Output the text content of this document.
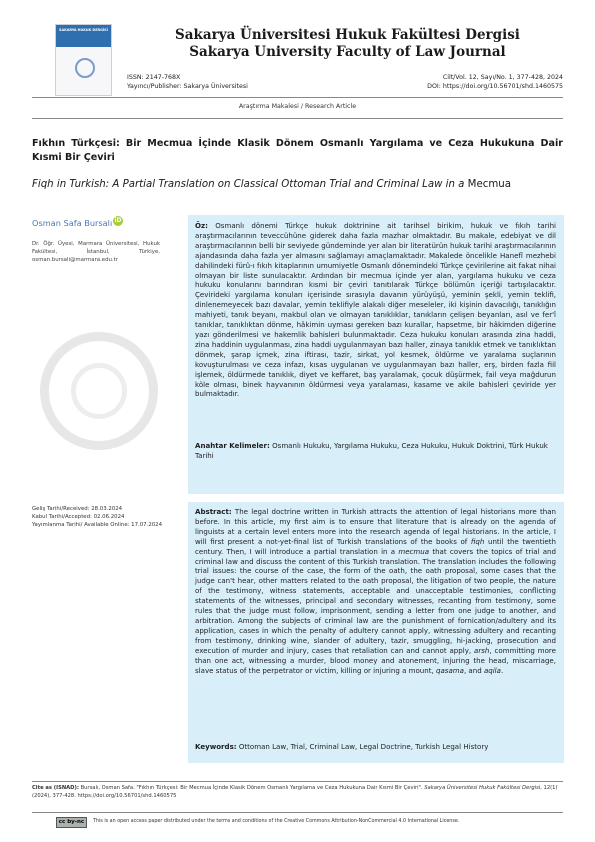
SAKARYA HUKUK DERGİSİ	Sakarya Üniversitesi Hukuk Fakültesi Dergisi
Sakarya University Faculty of Law Journal
ISSN: 2147-768X
Yayıncı/Publisher: Sakarya Üniversitesi
Cilt/Vol. 12, Sayı/No. 1, 377-428, 2024
DOI: https://doi.org/10.56701/shd.1460575
Araştırma Makalesi / Research Article
Fıkhın Türkçesi: Bir Mecmua İçinde Klasik Dönem Osmanlı Yargılama ve Ceza Hukukuna Dair Kısmi Bir Çeviri
Fiqh in Turkish: A Partial Translation on Classical Ottoman Trial and Criminal Law in a Mecmua
Osman Safa Bursalı iD
Dr. Öğr. Üyesi, Marmara Üniversitesi, Hukuk Fakültesi, İstanbul, Türkiye, osman.bursali@marmara.edu.tr
Geliş Tarihi/Received: 28.03.2024
Kabul Tarihi/Accepted: 02.06.2024
Yayımlanma Tarihi/ Available Online: 17.07.2024

Öz: Osmanlı dönemi Türkçe hukuk doktrinine ait tarihsel birikim, hukuk ve fıkıh tarihi araştırmacılarının teveccühüne giderek daha fazla mazhar olmaktadır. Bu makale, edebiyat ve dil araştırmacılarının belli bir seviyede gündeminde yer alan bir literatürün hukuk tarihi araştırmacılarının ajandasında daha fazla yer almasını sağlamayı amaçlamaktadır. Makalede öncelikle Hanefî mezhebi dahilindeki fürû-ı fıkıh kitaplarının umumiyetle Osmanlı dönemindeki Türkçe çevirilerine ait fakat nihai olmayan bir liste sunulacaktır. Ardından bir mecmua içinde yer alan, yargılama hukuku ve ceza hukuku konularını barındıran kısmi bir çeviri tanıtılarak Türkçe bölümün içeriği tartışılacaktır. Çevirideki yargılama konuları içerisinde sırasıyla davanın yürüyüşü, yeminin şekli, yemin teklifi, dinlenemeyecek bazı davalar, yemin teklifiyle alakalı diğer meseleler, iki kişinin davacılığı, tanıklığın mahiyeti, tanık beyanı, makbul olan ve olmayan tanıklıklar, tanıkların çelişen beyanları, asıl ve fer'î tanıklar, tanıklıktan dönme, hâkimin uyması gereken bazı kurallar, hapsetme, bir hâkimden diğerine yazı gönderilmesi ve hakemlik bahisleri bulunmaktadır. Ceza hukuku konuları arasında zina haddi, zina haddinin uygulanması, zina haddi uygulanmayan bazı haller, zinaya tanıklık etmek ve tanıklıktan dönmek, şarap içmek, zina iftirası, tazir, sirkat, yol kesmek, öldürme ve yaralama suçlarının kovuşturulması ve ceza infazı, kısas uygulanan ve uygulanmayan bazı haller, erş, birden fazla fiil işlemek, öldürmede tanıklık, diyet ve keffaret, baş yaralamak, çocuk düşürmek, fail veya mağdurun köle olması, binek hayvanının öldürmesi veya yaralaması, kasame ve akile bahisleri çeviride yer bulmaktadır.

Anahtar Kelimeler: Osmanlı Hukuku, Yargılama Hukuku, Ceza Hukuku, Hukuk Doktrini, Türk Hukuk Tarihi

Abstract: The legal doctrine written in Turkish attracts the attention of legal historians more than before. In this article, my first aim is to ensure that literature that is already on the agenda of linguists at a certain level enters more into the research agenda of legal historians. In the article, I will first present a not-yet-final list of Turkish translations of the books of fiqh until the twentieth century. Then, I will introduce a partial translation in a mecmua that covers the topics of trial and criminal law and discuss the content of this Turkish translation. The translation includes the following trial issues: the course of the case, the form of the oath, the oath proposal, some cases that the judge can't hear, other matters related to the oath proposal, the litigation of two people, the nature of the testimony, witness statements, acceptable and unacceptable testimonies, conflicting statements of the witnesses, principal and secondary witnesses, recanting from testimony, some rules that the judge must follow, imprisonment, sending a letter from one judge to another, and arbitration. Among the subjects of criminal law are the punishment of fornication/adultery and its application, cases in which the penalty of adultery cannot apply, witnessing adultery and recanting from testimony, drinking wine, slander of adultery, tazir, smuggling, hi-jacking, prosecution and execution of murder and injury, cases that retaliation can and cannot apply, arsh, committing more than one act, witnessing a murder, blood money and atonement, injuring the head, miscarriage, slave status of the perpetrator or victim, killing or injuring a mount, qasama, and aqila.

Keywords: Ottoman Law, Trial, Criminal Law, Legal Doctrine, Turkish Legal History

Cite as (ISNAD): Bursalı, Osman Safa. "Fıkhın Türkçesi: Bir Mecmua İçinde Klasik Dönem Osmanlı Yargılama ve Ceza Hukukuna Dair Kısmi Bir Çeviri". Sakarya Üniversitesi Hukuk Fakültesi Dergisi, 12(1) (2024), 377-428. https://doi.org/10.56701/shd.1460575
cc by-nc	This is an open access paper distributed under the terms and conditions of the Creative Commons Attribution-NonCommercial 4.0 International License.
